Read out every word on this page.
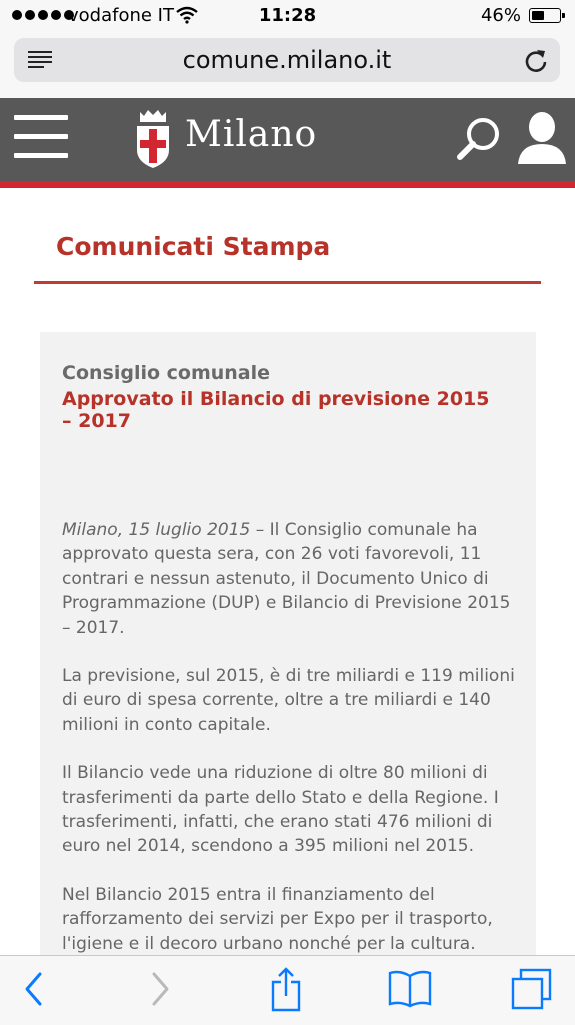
vodafone IT	11:28	46%
comune.milano.it
Milano
Comunicati Stampa
Consiglio comunale
Approvato il Bilancio di previsione 2015 – 2017

Milano, 15 luglio 2015 – Il Consiglio comunale ha approvato questa sera, con 26 voti favorevoli, 11 contrari e nessun astenuto, il Documento Unico di Programmazione (DUP) e Bilancio di Previsione 2015 – 2017.

La previsione, sul 2015, è di tre miliardi e 119 milioni di euro di spesa corrente, oltre a tre miliardi e 140 milioni in conto capitale.

Il Bilancio vede una riduzione di oltre 80 milioni di trasferimenti da parte dello Stato e della Regione. I trasferimenti, infatti, che erano stati 476 milioni di euro nel 2014, scendono a 395 milioni nel 2015.

Nel Bilancio 2015 entra il finanziamento del rafforzamento dei servizi per Expo per il trasporto, l'igiene e il decoro urbano nonché per la cultura.
